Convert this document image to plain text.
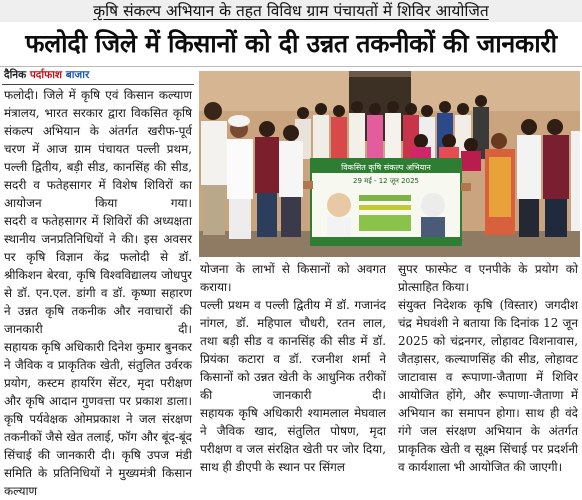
कृषि संकल्प अभियान के तहत विविध ग्राम पंचायतों में शिविर आयोजित
फलोदी जिले में किसानों को दी उन्नत तकनीकों की जानकारी
दैनिक पर्दाफाश बाजार

फलोदी। जिले में कृषि एवं किसान कल्याण मंत्रालय, भारत सरकार द्वारा विकसित कृषि संकल्प अभियान के अंतर्गत खरीफ-पूर्व चरण में आज ग्राम पंचायत पल्ली प्रथम, पल्ली द्वितीय, बड़ी सीड, कानसिंह की सीड, सदरी व फतेहसागर में विशेष शिविरों का आयोजन किया गया।

सदरी व फतेहसागर में शिविरों की अध्यक्षता स्थानीय जनप्रतिनिधियों ने की। इस अवसर पर कृषि विज्ञान केंद्र फलोदी से डॉ. श्रीकिशन बेरवा, कृषि विश्वविद्यालय जोधपुर से डॉ. एन.एल. डांगी व डॉ. कृष्णा सहारण ने उन्नत कृषि तकनीक और नवाचारों की जानकारी दी।

सहायक कृषि अधिकारी दिनेश कुमार बुनकर ने जैविक व प्राकृतिक खेती, संतुलित उर्वरक प्रयोग, कस्टम हायरिंग सेंटर, मृदा परीक्षण और कृषि आदान गुणवत्ता पर प्रकाश डाला। कृषि पर्यवेक्षक ओमप्रकाश ने जल संरक्षण तकनीकों जैसे खेत तलाई, फॉग और बूंद-बूंद सिंचाई की जानकारी दी। कृषि उपज मंडी समिति के प्रतिनिधियों ने मुख्यमंत्री किसान कल्याण

विकसित कृषि संकल्प अभियान
29 मई - 12 जून 2025

योजना के लाभों से किसानों को अवगत कराया।

पल्ली प्रथम व पल्ली द्वितीय में डॉ. गजानंद नांगल, डॉ. महिपाल चौधरी, रतन लाल, तथा बड़ी सीड व कानसिंह की सीड में डॉ. प्रियंका कटारा व डॉ. रजनीश शर्मा ने किसानों को उन्नत खेती के आधुनिक तरीकों की जानकारी दी।

सहायक कृषि अधिकारी श्यामलाल मेघवाल ने जैविक खाद, संतुलित पोषण, मृदा परीक्षण व जल संरक्षित खेती पर जोर दिया, साथ ही डीएपी के स्थान पर सिंगल

सुपर फास्फेट व एनपीके के प्रयोग को प्रोत्साहित किया।

संयुक्त निदेशक कृषि (विस्तार) जगदीश चंद्र मेघवंशी ने बताया कि दिनांक 12 जून 2025 को चंद्रनगर, लोहावट विशनावास, जैतड़ासर, कल्याणसिंह की सीड, लोहावट जाटावास व रूपाणा-जैताणा में शिविर आयोजित होंगे, और रूपाणा-जैताणा में अभियान का समापन होगा। साथ ही वंदे गंगे जल संरक्षण अभियान के अंतर्गत प्राकृतिक खेती व सूक्ष्म सिंचाई पर प्रदर्शनी व कार्यशाला भी आयोजित की जाएगी।
